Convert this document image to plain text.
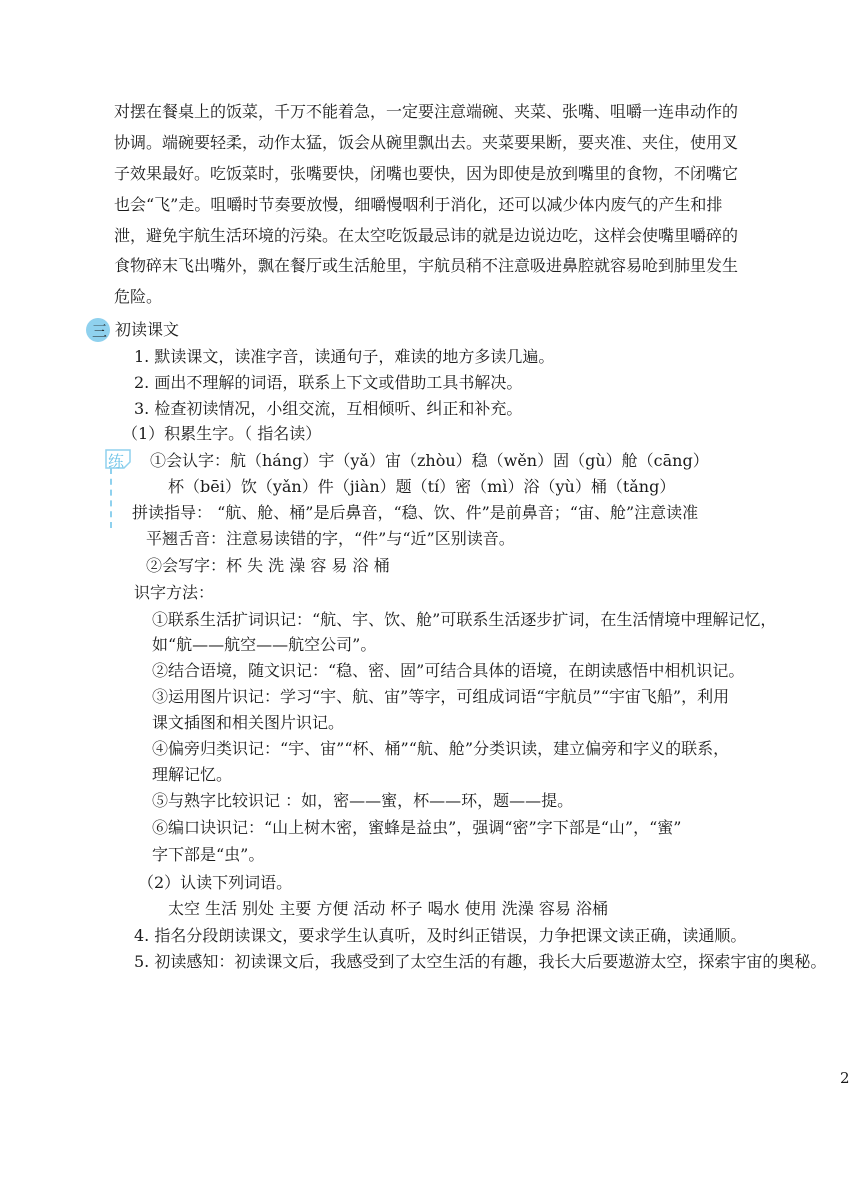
对摆在餐桌上的饭菜，千万不能着急，一定要注意端碗、夹菜、张嘴、咀嚼一连串动作的
协调。端碗要轻柔，动作太猛，饭会从碗里飘出去。夹菜要果断，要夹准、夹住，使用叉
子效果最好。吃饭菜时，张嘴要快，闭嘴也要快，因为即使是放到嘴里的食物，不闭嘴它
也会“飞”走。咀嚼时节奏要放慢，细嚼慢咽利于消化，还可以减少体内废气的产生和排
泄，避免宇航生活环境的污染。在太空吃饭最忌讳的就是边说边吃，这样会使嘴里嚼碎的
食物碎末飞出嘴外，飘在餐厅或生活舱里，宇航员稍不注意吸进鼻腔就容易呛到肺里发生
危险。
三 初读课文
1. 默读课文，读准字音，读通句子，难读的地方多读几遍。
2. 画出不理解的词语，联系上下文或借助工具书解决。
3. 检查初读情况，小组交流，互相倾听、纠正和补充。
（1）积累生字。（ 指名读）
练 ①会认字：航（háng）宇（yǎ）宙（zhòu）稳（wěn）固（gù）舱（cāng）
杯（bēi）饮（yǎn）件（jiàn）题（tí）密（mì）浴（yù）桶（tǎng）
拼读指导： “航、舱、桶”是后鼻音，“稳、饮、件”是前鼻音；“宙、舱”注意读准
平翘舌音：注意易读错的字，“件”与“近”区别读音。
②会写字：杯 失 洗 澡 容 易 浴 桶
识字方法：
①联系生活扩词识记：“航、宇、饮、舱”可联系生活逐步扩词，在生活情境中理解记忆，
如“航——航空——航空公司”。
②结合语境，随文识记：“稳、密、固”可结合具体的语境，在朗读感悟中相机识记。
③运用图片识记：学习“宇、航、宙”等字，可组成词语“宇航员”“宇宙飞船”，利用
课文插图和相关图片识记。
④偏旁归类识记：“宇、宙”“杯、桶”“航、舱”分类识读，建立偏旁和字义的联系，
理解记忆。
⑤与熟字比较识记 ：如，密——蜜，杯——环，题——提。
⑥编口诀识记：“山上树木密，蜜蜂是益虫”，强调“密”字下部是“山”，“蜜”
字下部是“虫”。
（2）认读下列词语。
太空 生活 别处 主要 方便 活动 杯子 喝水 使用 洗澡 容易 浴桶
4. 指名分段朗读课文，要求学生认真听，及时纠正错误，力争把课文读正确，读通顺。
5. 初读感知：初读课文后，我感受到了太空生活的有趣，我长大后要遨游太空，探索宇宙的奥秘。
2
